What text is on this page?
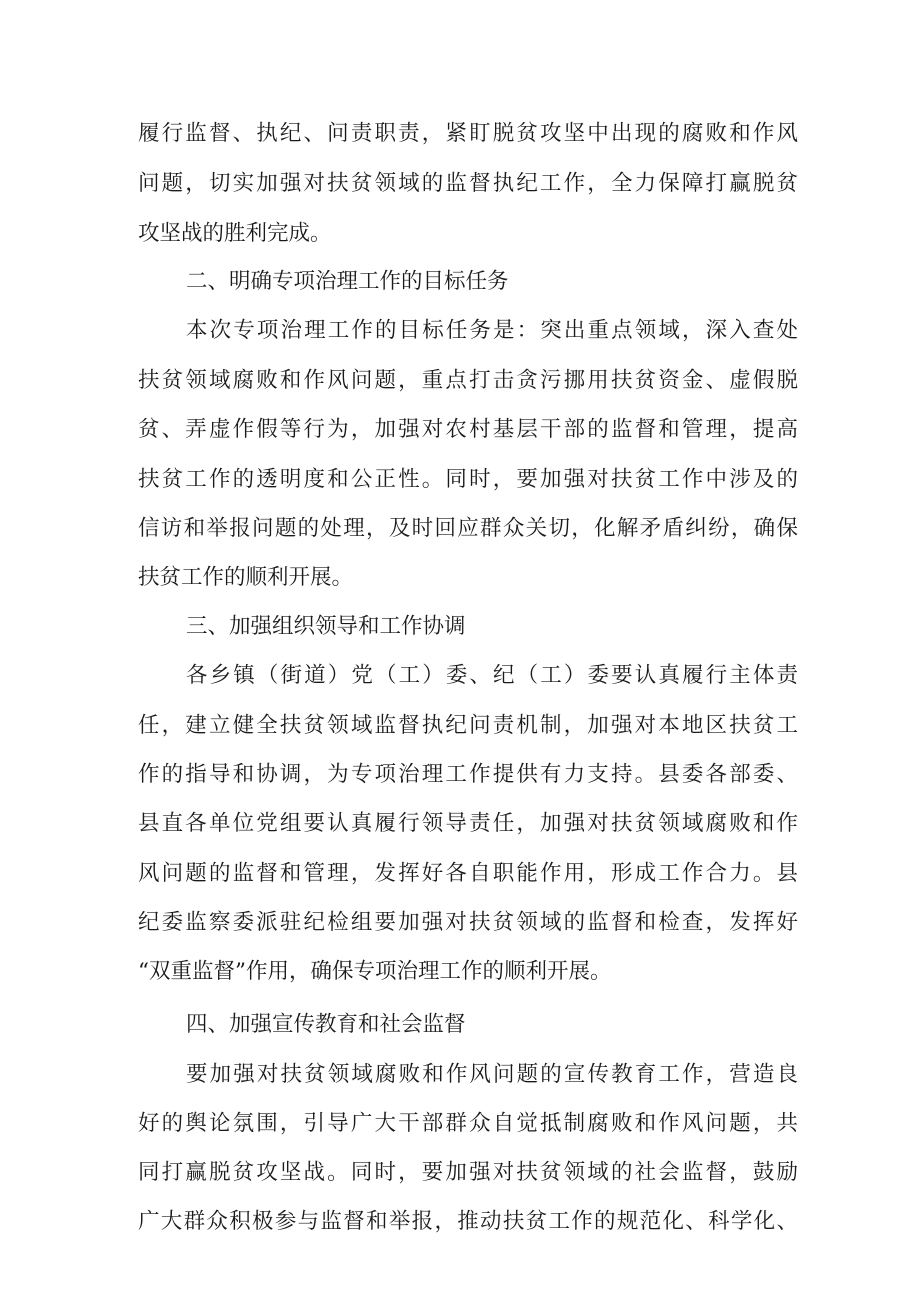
履行监督、执纪、问责职责，紧盯脱贫攻坚中出现的腐败和作风

问题，切实加强对扶贫领域的监督执纪工作，全力保障打赢脱贫

攻坚战的胜利完成。

二、明确专项治理工作的目标任务

本次专项治理工作的目标任务是：突出重点领域，深入查处

扶贫领域腐败和作风问题，重点打击贪污挪用扶贫资金、虚假脱

贫、弄虚作假等行为，加强对农村基层干部的监督和管理，提高

扶贫工作的透明度和公正性。同时，要加强对扶贫工作中涉及的

信访和举报问题的处理，及时回应群众关切，化解矛盾纠纷，确保

扶贫工作的顺利开展。

三、加强组织领导和工作协调

各乡镇（街道）党（工）委、纪（工）委要认真履行主体责

任，建立健全扶贫领域监督执纪问责机制，加强对本地区扶贫工

作的指导和协调，为专项治理工作提供有力支持。县委各部委、

县直各单位党组要认真履行领导责任，加强对扶贫领域腐败和作

风问题的监督和管理，发挥好各自职能作用，形成工作合力。县

纪委监察委派驻纪检组要加强对扶贫领域的监督和检查，发挥好

“双重监督”作用，确保专项治理工作的顺利开展。

四、加强宣传教育和社会监督

要加强对扶贫领域腐败和作风问题的宣传教育工作，营造良

好的舆论氛围，引导广大干部群众自觉抵制腐败和作风问题，共

同打赢脱贫攻坚战。同时，要加强对扶贫领域的社会监督，鼓励

广大群众积极参与监督和举报，推动扶贫工作的规范化、科学化、
